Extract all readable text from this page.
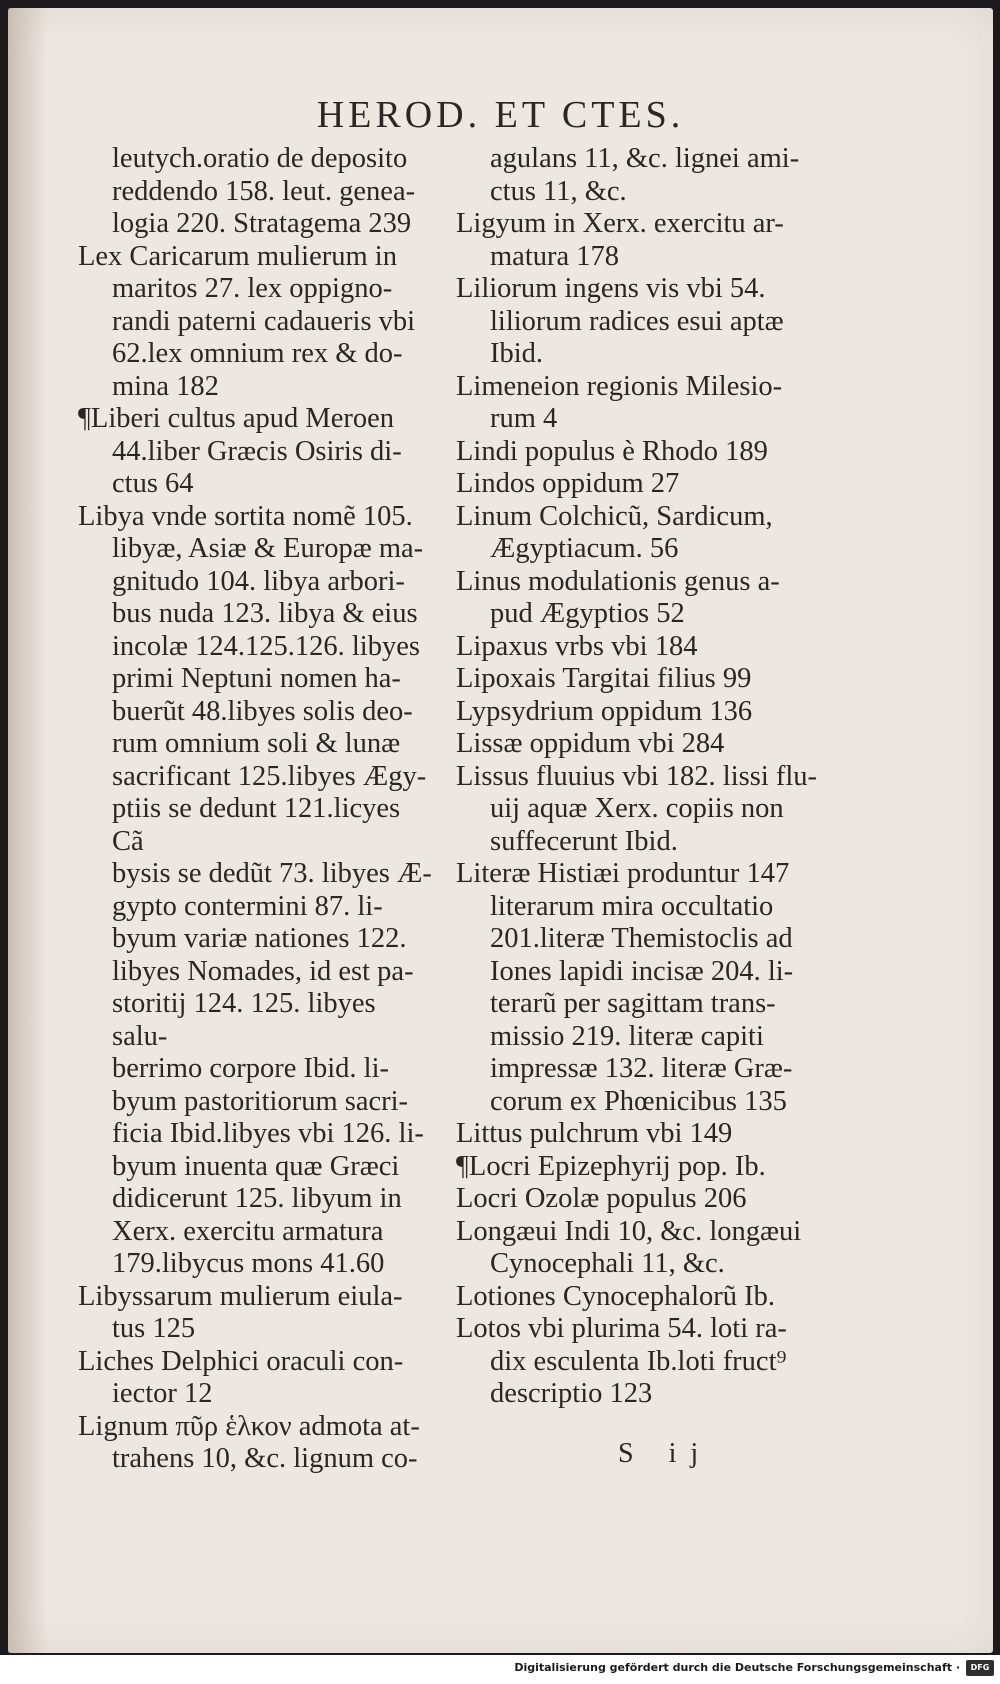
HEROD. ET CTES.
leutych.oratio de deposito
reddendo 158. leut. genea-
logia 220. Stratagema 239
Lex Caricarum mulierum in
maritos 27. lex oppigno-
randi paterni cadaueris vbi
62.lex omnium rex & do-
mina 182
¶Liberi cultus apud Meroen
44.liber Græcis Osiris di-
ctus 64
Libya vnde sortita nomẽ 105.
libyæ, Asiæ & Europæ ma-
gnitudo 104. libya arbori-
bus nuda 123. libya & eius
incolæ 124.125.126. libyes
primi Neptuni nomen ha-
buerũt 48.libyes solis deo-
rum omnium soli & lunæ
sacrificant 125.libyes Ægy-
ptiis se dedunt 121.licyes Cã
bysis se dedũt 73. libyes Æ-
gypto contermini 87. li-
byum variæ nationes 122.
libyes Nomades, id est pa-
storitij 124. 125. libyes salu-
berrimo corpore Ibid. li-
byum pastoritiorum sacri-
ficia Ibid.libyes vbi 126. li-
byum inuenta quæ Græci
didicerunt 125. libyum in
Xerx. exercitu armatura
179.libycus mons 41.60
Libyssarum mulierum eiula-
tus 125
Liches Delphici oraculi con-
iector 12
Lignum πῦρ ἑλκον admota at-
trahens 10, &c. lignum co-
agulans 11, &c. lignei ami-
ctus 11, &c.
Ligyum in Xerx. exercitu ar-
matura 178
Liliorum ingens vis vbi 54.
liliorum radices esui aptæ
Ibid.
Limeneion regionis Milesio-
rum 4
Lindi populus è Rhodo 189
Lindos oppidum 27
Linum Colchicũ, Sardicum,
Ægyptiacum. 56
Linus modulationis genus a-
pud Ægyptios 52
Lipaxus vrbs vbi 184
Lipoxais Targitai filius 99
Lypsydrium oppidum 136
Lissæ oppidum vbi 284
Lissus fluuius vbi 182. lissi flu-
uij aquæ Xerx. copiis non
suffecerunt Ibid.
Literæ Histiæi produntur 147
literarum mira occultatio
201.literæ Themistoclis ad
Iones lapidi incisæ 204. li-
terarũ per sagittam trans-
missio 219. literæ capiti
impressæ 132. literæ Græ-
corum ex Phœnicibus 135
Littus pulchrum vbi 149
¶Locri Epizephyrij pop. Ib.
Locri Ozolæ populus 206
Longæui Indi 10, &c. longæui
Cynocephali 11, &c.
Lotiones Cynocephalorũ Ib.
Lotos vbi plurima 54. loti ra-
dix esculenta Ib.loti fruct⁹
descriptio 123
S ij
Digitalisierung gefördert durch die Deutsche Forschungsgemeinschaft ·	DFG
